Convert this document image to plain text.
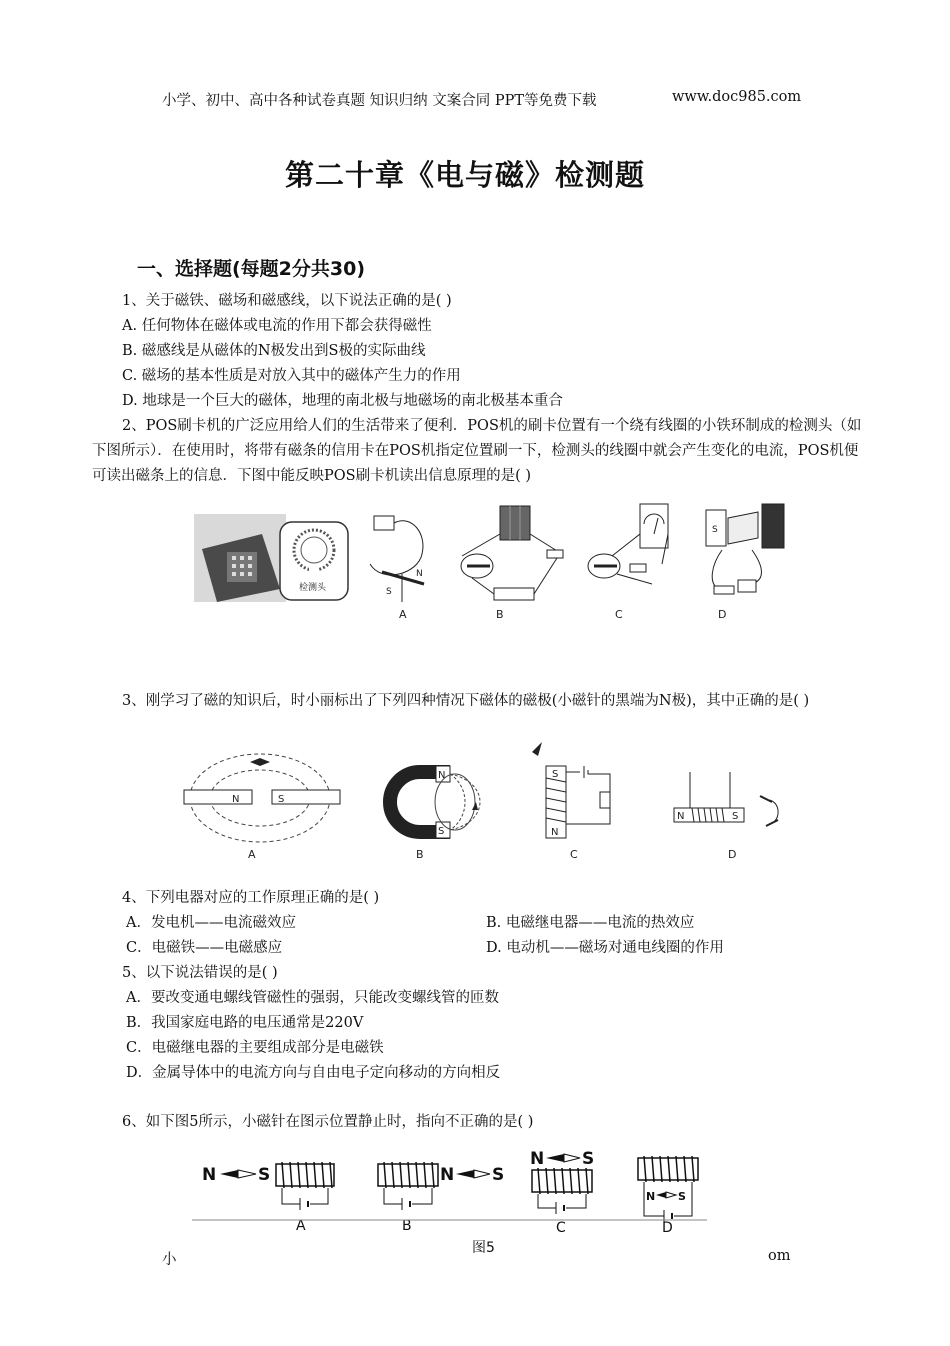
小学、初中、高中各种试卷真题 知识归纳 文案合同 PPT等免费下载	www.doc985.com
第二十章《电与磁》检测题
一、选择题(每题2分共30)
1、关于磁铁、磁场和磁感线，以下说法正确的是( )
A. 任何物体在磁体或电流的作用下都会获得磁性
B. 磁感线是从磁体的N极发出到S极的实际曲线
C. 磁场的基本性质是对放入其中的磁体产生力的作用
D. 地球是一个巨大的磁体，地理的南北极与地磁场的南北极基本重合
2、POS刷卡机的广泛应用给人们的生活带来了便利．POS机的刷卡位置有一个绕有线圈的小铁环制成的检测头（如下图所示）．在使用时，将带有磁条的信用卡在POS机指定位置刷一下，检测头的线圈中就会产生变化的电流，POS机便可读出磁条上的信息．下图中能反映POS刷卡机读出信息原理的是( )
检测头	S
N
A	B	C
S
D
3、刚学习了磁的知识后，时小丽标出了下列四种情况下磁体的磁极(小磁针的黑端为N极)，其中正确的是( )
N	S
A
N
S
B
S
N
C
N	S
D
4、下列电器对应的工作原理正确的是( )
A．发电机——电流磁效应	B. 电磁继电器——电流的热效应
C．电磁铁——电磁感应	D. 电动机——磁场对通电线圈的作用
5、以下说法错误的是( )
A．要改变通电螺线管磁性的强弱，只能改变螺线管的匝数
B．我国家庭电路的电压通常是220V
C．电磁继电器的主要组成部分是电磁铁
D．金属导体中的电流方向与自由电子定向移动的方向相反
6、如下图5所示，小磁针在图示位置静止时，指向不正确的是( )
N S
A
N S
B
N S
C
N S
D
图5
小	om
